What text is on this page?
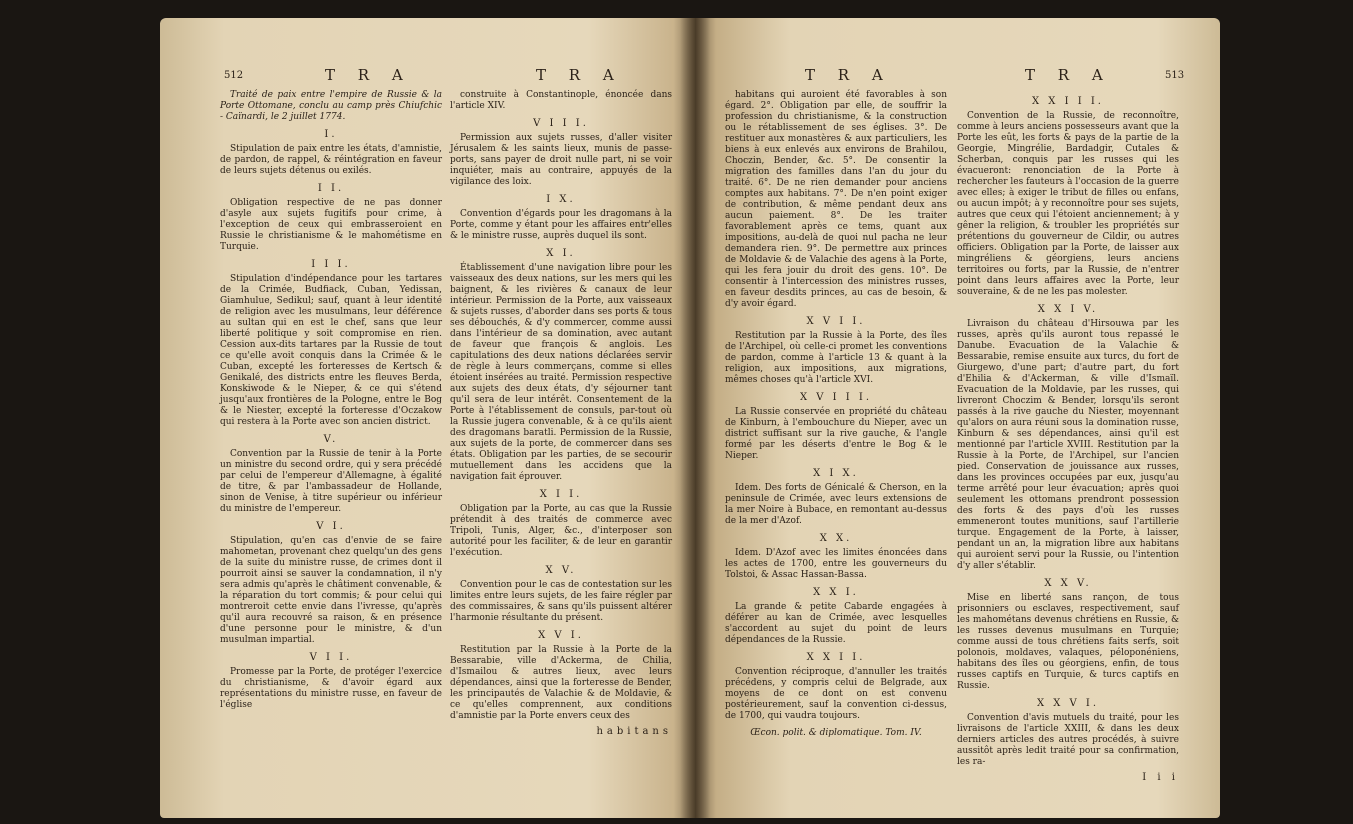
512	T R A	T R A

Traité de paix entre l'empire de Russie & la Porte Ottomane, conclu au camp près Chiufchic - Caïnardi, le 2 juillet 1774.

I.

Stipulation de paix entre les états, d'amnistie, de pardon, de rappel, & réintégration en faveur de leurs sujets détenus ou exilés.

I I.

Obligation respective de ne pas donner d'asyle aux sujets fugitifs pour crime, à l'exception de ceux qui embrasseroient en Russie le christianisme & le mahométisme en Turquie.

I I I.

Stipulation d'indépendance pour les tartares de la Crimée, Budfiack, Cuban, Yedissan, Giamhulue, Sedikul; sauf, quant à leur identité de religion avec les musulmans, leur déférence au sultan qui en est le chef, sans que leur liberté politique y soit compromise en rien. Cession aux-dits tartares par la Russie de tout ce qu'elle avoit conquis dans la Crimée & le Cuban, excepté les forteresses de Kertsch & Genikalé, des districts entre les fleuves Berda, Konskiwode & le Nieper, & ce qui s'étend jusqu'aux frontières de la Pologne, entre le Bog & le Niester, excepté la forteresse d'Oczakow qui restera à la Porte avec son ancien district.

V.

Convention par la Russie de tenir à la Porte un ministre du second ordre, qui y sera précédé par celui de l'empereur d'Allemagne, à égalité de titre, & par l'ambassadeur de Hollande, sinon de Venise, à titre supérieur ou inférieur du ministre de l'empereur.

V I.

Stipulation, qu'en cas d'envie de se faire mahometan, provenant chez quelqu'un des gens de la suite du ministre russe, de crimes dont il pourroit ainsi se sauver la condamnation, il n'y sera admis qu'après le châtiment convenable, & la réparation du tort commis; & pour celui qui montreroit cette envie dans l'ivresse, qu'après qu'il aura recouvré sa raison, & en présence d'une personne pour le ministre, & d'un musulman impartial.

V I I.

Promesse par la Porte, de protéger l'exercice du christianisme, & d'avoir égard aux représentations du ministre russe, en faveur de l'église

construite à Constantinople, énoncée dans l'article XIV.

V I I I.

Permission aux sujets russes, d'aller visiter Jérusalem & les saints lieux, munis de passe-ports, sans payer de droit nulle part, ni se voir inquiéter, mais au contraire, appuyés de la vigilance des loix.

I X.

Convention d'égards pour les dragomans à la Porte, comme y étant pour les affaires entr'elles & le ministre russe, auprès duquel ils sont.

X I.

Établissement d'une navigation libre pour les vaisseaux des deux nations, sur les mers qui les baignent, & les rivières & canaux de leur intérieur. Permission de la Porte, aux vaisseaux & sujets russes, d'aborder dans ses ports & tous ses débouchés, & d'y commercer, comme aussi dans l'intérieur de sa domination, avec autant de faveur que françois & anglois. Les capitulations des deux nations déclarées servir de règle à leurs commerçans, comme si elles étoient insérées au traité. Permission respective aux sujets des deux états, d'y séjourner tant qu'il sera de leur intérêt. Consentement de la Porte à l'établissement de consuls, par-tout où la Russie jugera convenable, & à ce qu'ils aient des dragomans baratli. Permission de la Russie, aux sujets de la porte, de commercer dans ses états. Obligation par les parties, de se secourir mutuellement dans les accidens que la navigation fait éprouver.

X I I.

Obligation par la Porte, au cas que la Russie prétendit à des traités de commerce avec Tripoli, Tunis, Alger, &c., d'interposer son autorité pour les faciliter, & de leur en garantir l'exécution.

X V.

Convention pour le cas de contestation sur les limites entre leurs sujets, de les faire régler par des commissaires, & sans qu'ils puissent altérer l'harmonie résultante du présent.

X V I.

Restitution par la Russie à la Porte de la Bessarabie, ville d'Ackerma, de Chilia, d'Ismailou & autres lieux, avec leurs dépendances, ainsi que la forteresse de Bender, les principautés de Valachie & de Moldavie, & ce qu'elles comprennent, aux conditions d'amnistie par la Porte envers ceux des

habitans
T R A	T R A	513

habitans qui auroient été favorables à son égard. 2°. Obligation par elle, de souffrir la profession du christianisme, & la construction ou le rétablissement de ses églises. 3°. De restituer aux monastères & aux particuliers, les biens à eux enlevés aux environs de Brahilou, Choczin, Bender, &c. 5°. De consentir la migration des familles dans l'an du jour du traité. 6°. De ne rien demander pour anciens comptes aux habitans. 7°. De n'en point exiger de contribution, & même pendant deux ans aucun paiement. 8°. De les traiter favorablement après ce tems, quant aux impositions, au-delà de quoi nul pacha ne leur demandera rien. 9°. De permettre aux princes de Moldavie & de Valachie des agens à la Porte, qui les fera jouir du droit des gens. 10°. De consentir à l'intercession des ministres russes, en faveur desdits princes, au cas de besoin, & d'y avoir égard.

X V I I.

Restitution par la Russie à la Porte, des îles de l'Archipel, où celle-ci promet les conventions de pardon, comme à l'article 13 & quant à la religion, aux impositions, aux migrations, mêmes choses qu'à l'article XVI.

X V I I I.

La Russie conservée en propriété du château de Kinburn, à l'embouchure du Nieper, avec un district suffisant sur la rive gauche, & l'angle formé par les déserts d'entre le Bog & le Nieper.

X I X.

Idem. Des forts de Génicalé & Cherson, en la peninsule de Crimée, avec leurs extensions de la mer Noire à Bubace, en remontant au-dessus de la mer d'Azof.

X X.

Idem. D'Azof avec les limites énoncées dans les actes de 1700, entre les gouverneurs du Tolstoi, & Assac Hassan-Bassa.

X X I.

La grande & petite Cabarde engagées à déférer au kan de Crimée, avec lesquelles s'accordent au sujet du point de leurs dépendances de la Russie.

X X I I.

Convention réciproque, d'annuller les traités précédens, y compris celui de Belgrade, aux moyens de ce dont on est convenu postérieurement, sauf la convention ci-dessus, de 1700, qui vaudra toujours.

Œcon. polit. & diplomatique. Tom. IV.
X X I I I.

Convention de la Russie, de reconnoître, comme à leurs anciens possesseurs avant que la Porte les eût, les forts & pays de la partie de la Georgie, Mingrélie, Bardadgir, Cutales & Scherban, conquis par les russes qui les évacueront: renonciation de la Porte à rechercher les fauteurs à l'occasion de la guerre avec elles; à exiger le tribut de filles ou enfans, ou aucun impôt; à y reconnoître pour ses sujets, autres que ceux qui l'étoient anciennement; à y gêner la religion, & troubler les propriétés sur prétentions du gouverneur de Cildir, ou autres officiers. Obligation par la Porte, de laisser aux mingréliens & géorgiens, leurs anciens territoires ou forts, par la Russie, de n'entrer point dans leurs affaires avec la Porte, leur souveraine, & de ne les pas molester.

X X I V.

Livraison du château d'Hirsouwa par les russes, après qu'ils auront tous repassé le Danube. Evacuation de la Valachie & Bessarabie, remise ensuite aux turcs, du fort de Giurgewo, d'une part; d'autre part, du fort d'Ehilia & d'Ackerman, & ville d'Ismaïl. Evacuation de la Moldavie, par les russes, qui livreront Choczim & Bender, lorsqu'ils seront passés à la rive gauche du Niester, moyennant qu'alors on aura réuni sous la domination russe, Kinburn & ses dépendances, ainsi qu'il est mentionné par l'article XVIII. Restitution par la Russie à la Porte, de l'Archipel, sur l'ancien pied. Conservation de jouissance aux russes, dans les provinces occupées par eux, jusqu'au terme arrêté pour leur évacuation; après quoi seulement les ottomans prendront possession des forts & des pays d'où les russes emmeneront toutes munitions, sauf l'artillerie turque. Engagement de la Porte, à laisser, pendant un an, la migration libre aux habitans qui auroient servi pour la Russie, ou l'intention d'y aller s'établir.

X X V.

Mise en liberté sans rançon, de tous prisonniers ou esclaves, respectivement, sauf les mahométans devenus chrétiens en Russie, & les russes devenus musulmans en Turquie; comme aussi de tous chrétiens faits serfs, soit polonois, moldaves, valaques, péloponéniens, habitans des îles ou géorgiens, enfin, de tous russes captifs en Turquie, & turcs captifs en Russie.

X X V I.

Convention d'avis mutuels du traité, pour les livraisons de l'article XXIII, & dans les deux derniers articles des autres procédés, à suivre aussitôt après ledit traité pour sa confirmation, les ra-

I i i
